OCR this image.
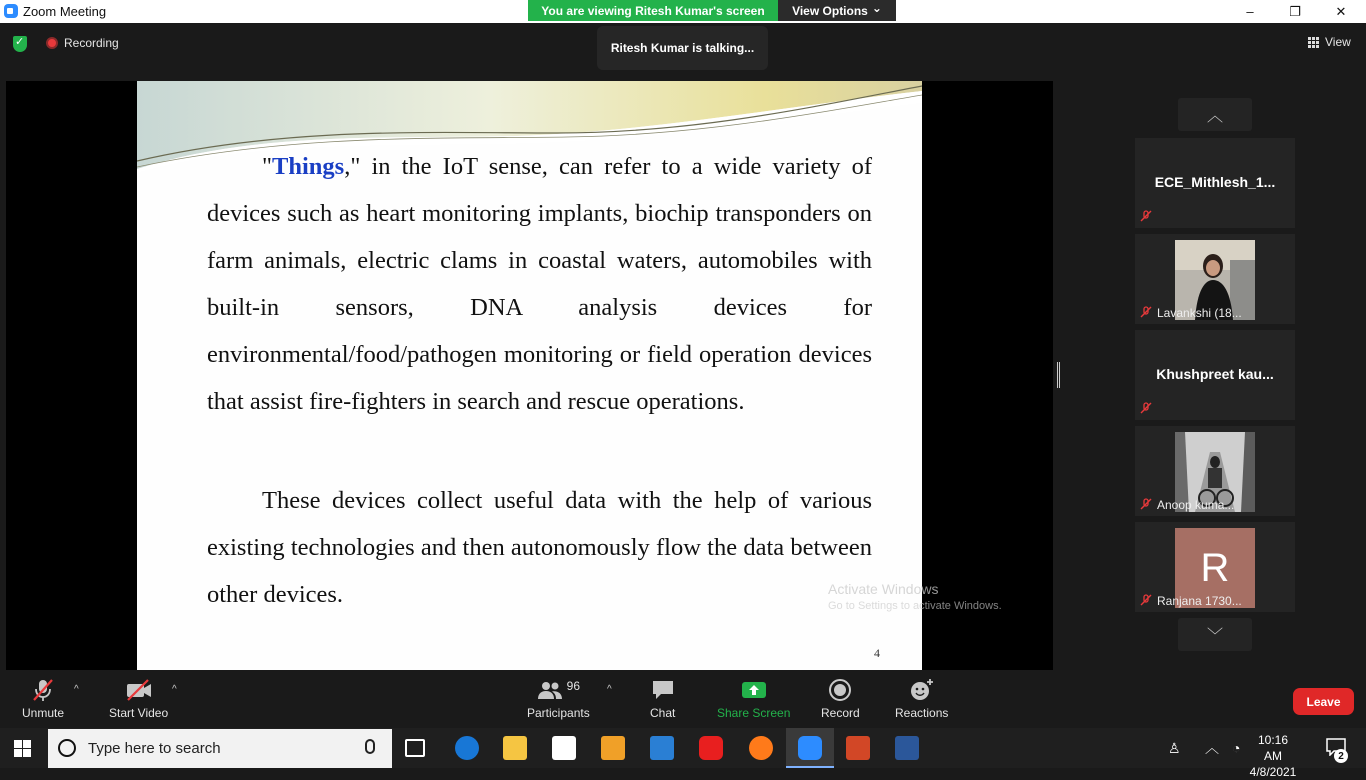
Zoom Meeting	–	❐	✕
You are viewing Ritesh Kumar's screen	View Options ⌄
✓
Recording	Ritesh Kumar is talking...	View

"Things," in the IoT sense, can refer to a wide variety of devices such as heart monitoring implants, biochip transponders on farm animals, electric clams in coastal waters, automobiles with built-in sensors, DNA analysis devices for environmental/food/pathogen monitoring or field operation devices that assist fire-fighters in search and rescue operations.

These devices collect useful data with the help of various existing technologies and then autonomously flow the data between other devices.

4
Activate Windows
Go to Settings to activate Windows.
︿
ECE_Mithlesh_1...
Lavankshi (18...
Khushpreet kau...
Anoop kuma...
R
Ranjana 1730...
﹀
Unmute
^
Start Video
^	96
Participants
^
Chat	Share Screen	Record	Reactions
Leave
Type here to search	♙ ︿ ◔	10:16 AM
4/8/2021
2
